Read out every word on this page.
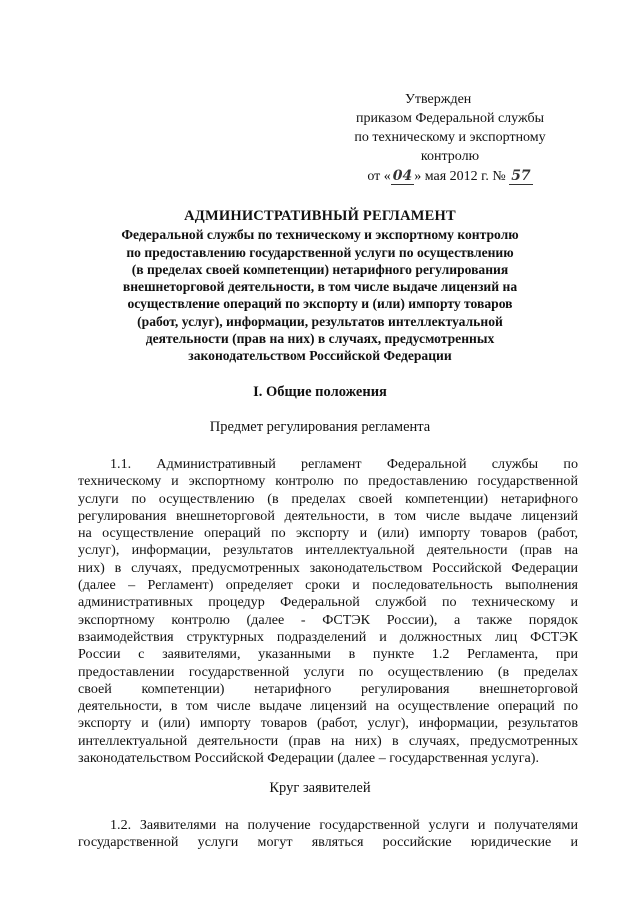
Утвержден
приказом Федеральной службы
по техническому и экспортному
контролю
от « 04 » мая 2012 г. № 57
АДМИНИСТРАТИВНЫЙ РЕГЛАМЕНТ
Федеральной службы по техническому и экспортному контролю
по предоставлению государственной услуги по осуществлению
(в пределах своей компетенции) нетарифного регулирования
внешнеторговой деятельности, в том числе выдаче лицензий на
осуществление операций по экспорту и (или) импорту товаров
(работ, услуг), информации, результатов интеллектуальной
деятельности (прав на них) в случаях, предусмотренных
законодательством Российской Федерации
I. Общие положения
Предмет регулирования регламента
1.1. Административный регламент Федеральной службы по
техническому и экспортному контролю по предоставлению государственной
услуги по осуществлению (в пределах своей компетенции) нетарифного
регулирования внешнеторговой деятельности, в том числе выдаче лицензий
на осуществление операций по экспорту и (или) импорту товаров (работ,
услуг), информации, результатов интеллектуальной деятельности (прав на
них) в случаях, предусмотренных законодательством Российской Федерации
(далее – Регламент) определяет сроки и последовательность выполнения
административных процедур Федеральной службой по техническому и
экспортному контролю (далее - ФСТЭК России), а также порядок
взаимодействия структурных подразделений и должностных лиц ФСТЭК
России с заявителями, указанными в пункте 1.2 Регламента, при
предоставлении государственной услуги по осуществлению (в пределах
своей компетенции) нетарифного регулирования внешнеторговой
деятельности, в том числе выдаче лицензий на осуществление операций по
экспорту и (или) импорту товаров (работ, услуг), информации, результатов
интеллектуальной деятельности (прав на них) в случаях, предусмотренных
законодательством Российской Федерации (далее – государственная услуга).
Круг заявителей
1.2. Заявителями на получение государственной услуги и получателями
государственной услуги могут являться российские юридические и
